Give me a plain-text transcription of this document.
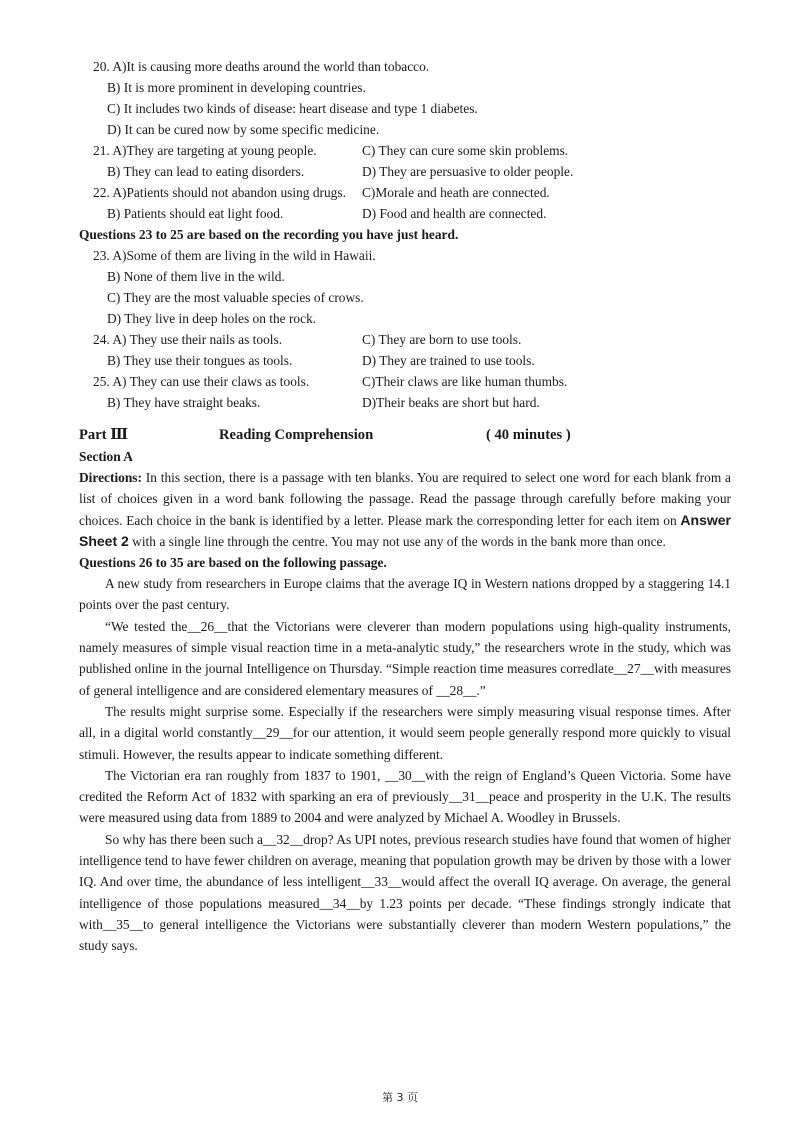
20. A)It is causing more deaths around the world than tobacco.
B) It is more prominent in developing countries.
C) It includes two kinds of disease: heart disease and type 1 diabetes.
D) It can be cured now by some specific medicine.
21. A)They are targeting at young people.	C) They can cure some skin problems.
B) They can lead to eating disorders.	D) They are persuasive to older people.
22. A)Patients should not abandon using drugs. C)Morale and heath are connected.
B) Patients should eat light food.	D) Food and health are connected.
Questions 23 to 25 are based on the recording you have just heard.
23. A)Some of them are living in the wild in Hawaii.
B) None of them live in the wild.
C) They are the most valuable species of crows.
D) They live in deep holes on the rock.
24. A) They use their nails as tools.	C) They are born to use tools.
B) They use their tongues as tools.	D) They are trained to use tools.
25. A) They can use their claws as tools.	C)Their claws are like human thumbs.
B) They have straight beaks.	D)Their beaks are short but hard.
Part Ⅲ	Reading Comprehension	( 40 minutes )
Section A

Directions: In this section, there is a passage with ten blanks. You are required to select one word for each blank from a list of choices given in a word bank following the passage. Read the passage through carefully before making your choices. Each choice in the bank is identified by a letter. Please mark the corresponding letter for each item on Answer Sheet 2 with a single line through the centre. You may not use any of the words in the bank more than once.

Questions 26 to 35 are based on the following passage.

A new study from researchers in Europe claims that the average IQ in Western nations dropped by a staggering 14.1 points over the past century.

“We tested the__26__that the Victorians were cleverer than modern populations using high-quality instruments, namely measures of simple visual reaction time in a meta-analytic study,” the researchers wrote in the study, which was published online in the journal Intelligence on Thursday. “Simple reaction time measures corredlate__27__with measures of general intelligence and are considered elementary measures of __28__.”

The results might surprise some. Especially if the researchers were simply measuring visual response times. After all, in a digital world constantly__29__for our attention, it would seem people generally respond more quickly to visual stimuli. However, the results appear to indicate something different.

The Victorian era ran roughly from 1837 to 1901, __30__with the reign of England’s Queen Victoria. Some have credited the Reform Act of 1832 with sparking an era of previously__31__peace and prosperity in the U.K. The results were measured using data from 1889 to 2004 and were analyzed by Michael A. Woodley in Brussels.

So why has there been such a__32__drop? As UPI notes, previous research studies have found that women of higher intelligence tend to have fewer children on average, meaning that population growth may be driven by those with a lower IQ. And over time, the abundance of less intelligent__33__would affect the overall IQ average. On average, the general intelligence of those populations measured__34__by 1.23 points per decade. “These findings strongly indicate that with__35__to general intelligence the Victorians were substantially cleverer than modern Western populations,” the study says.

第 3 页
